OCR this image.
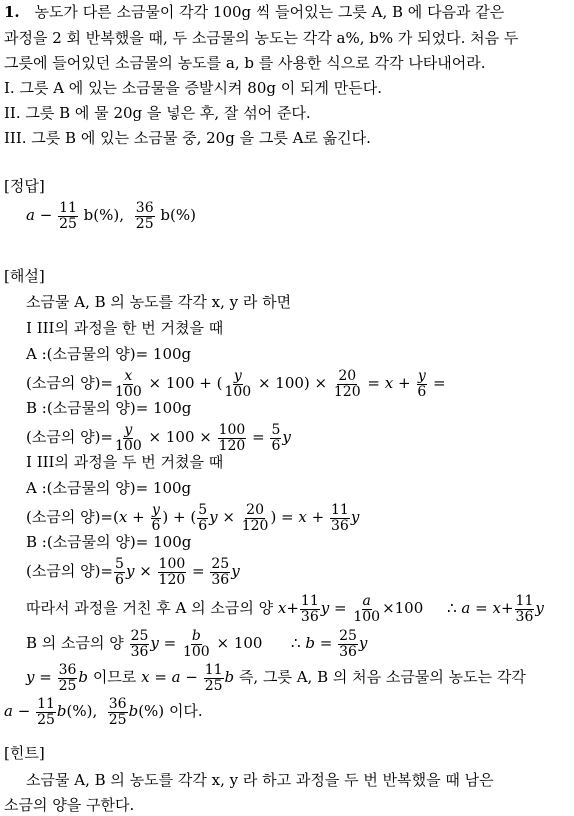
1. 농도가 다른 소금물이 각각 100g 씩 들어있는 그릇 A, B 에 다음과 같은
과정을 2 회 반복했을 때, 두 소금물의 농도는 각각 a%, b% 가 되었다. 처음 두
그릇에 들어있던 소금물의 농도를 a, b 를 사용한 식으로 각각 나타내어라.
I. 그릇 A 에 있는 소금물을 증발시켜 80g 이 되게 만든다.
II. 그릇 B 에 물 20g 을 넣은 후, 잘 섞어 준다.
III. 그릇 B 에 있는 소금물 중, 20g 을 그릇 A로 옮긴다.
[정답]
$a - \frac{11}{25} b(\%)$, $\frac{36}{25} b(\%)$
[해설]
소금물 A, B 의 농도를 각각 x, y 라 하면
I III의 과정을 한 번 거쳤을 때
A :(소금물의 양)= 100g
(소금의 양)= $\frac{x}{100} \times 100$ + ( $\frac{y}{100} \times 100) \times \frac{20}{120} = x + \frac{y}{6}$ =
B :(소금물의 양)= 100g
(소금의 양)= $\frac{y}{100} \times 100 \times \frac{100}{120} = \frac{5}{6}$ y
I III의 과정을 두 번 거쳤을 때
A :(소금물의 양)= 100g
(소금의 양)$=(x + \frac{y}{6}$ ) + ( $\frac{5}{6}$ $y \times \frac{20}{120}$ ) = $x + \frac{11}{36}$ y
B :(소금물의 양)= 100g
(소금의 양)= $\frac{5}{6}$ $y \times \frac{100}{120} = \frac{25}{36}$ y
따라서 과정을 거친 후 A 의 소금의 양 $x+ \frac{11}{36}$ $y = \frac{a}{100} \times 100$     ∴ $a = x+ \frac{11}{36}$ y
B 의 소금의 양 $\frac{25}{36}$ $y = \frac{b}{100} \times 100$      ∴ $b = \frac{25}{36}$ y
$y = \frac{36}{25}$ b 이므로 $x = a - \frac{11}{25}$ b 즉, 그릇 A, B 의 처음 소금물의 농도는 각각
$a - \frac{11}{25} b(\%)$, $\frac{36}{25} b(\%)$ 이다.
[힌트]
소금물 A, B 의 농도를 각각 x, y 라 하고 과정을 두 번 반복했을 때 남은
소금의 양을 구한다.
